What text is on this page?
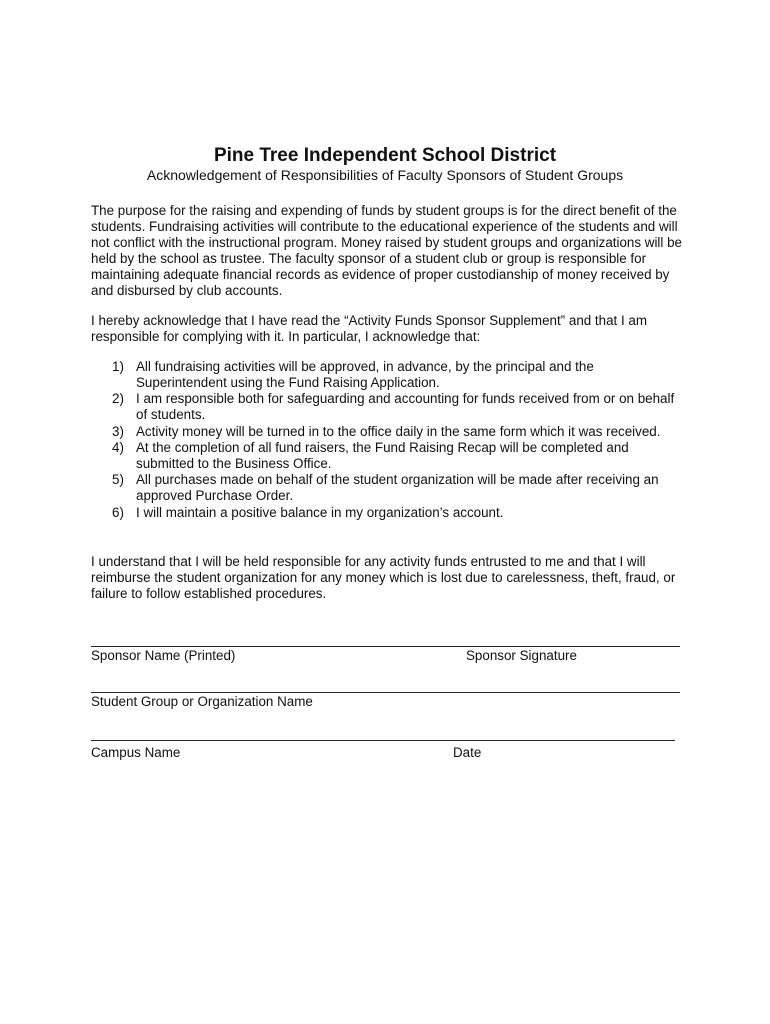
Pine Tree Independent School District
Acknowledgement of Responsibilities of Faculty Sponsors of Student Groups

The purpose for the raising and expending of funds by student groups is for the direct benefit of the students. Fundraising activities will contribute to the educational experience of the students and will not conflict with the instructional program. Money raised by student groups and organizations will be held by the school as trustee. The faculty sponsor of a student club or group is responsible for maintaining adequate financial records as evidence of proper custodianship of money received by and disbursed by club accounts.

I hereby acknowledge that I have read the “Activity Funds Sponsor Supplement” and that I am responsible for complying with it. In particular, I acknowledge that:

1) All fundraising activities will be approved, in advance, by the principal and the Superintendent using the Fund Raising Application.
2) I am responsible both for safeguarding and accounting for funds received from or on behalf of students.
3) Activity money will be turned in to the office daily in the same form which it was received.
4) At the completion of all fund raisers, the Fund Raising Recap will be completed and submitted to the Business Office.
5) All purchases made on behalf of the student organization will be made after receiving an approved Purchase Order.
6) I will maintain a positive balance in my organization’s account.

I understand that I will be held responsible for any activity funds entrusted to me and that I will reimburse the student organization for any money which is lost due to carelessness, theft, fraud, or failure to follow established procedures.

Sponsor Name (Printed)	Sponsor Signature
Student Group or Organization Name
Campus Name	Date
